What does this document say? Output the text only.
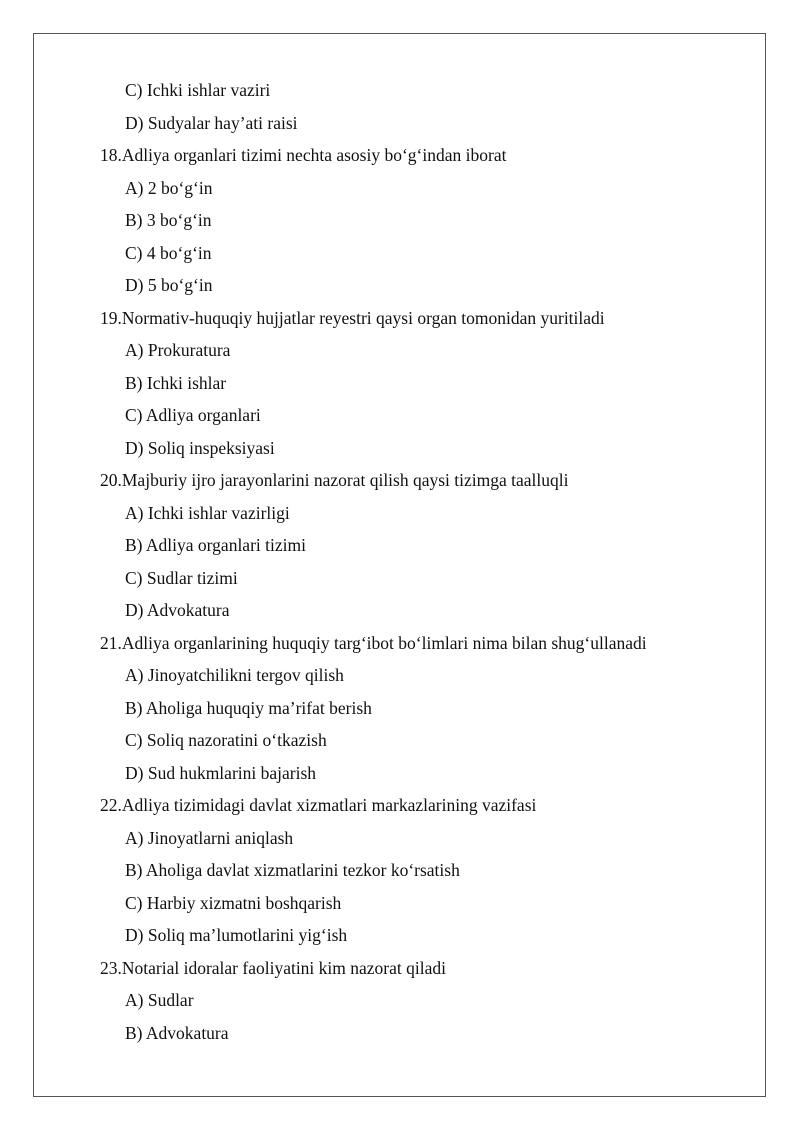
C) Ichki ishlar vaziri
D) Sudyalar hay’ati raisi
18.Adliya organlari tizimi nechta asosiy bo‘g‘indan iborat
A) 2 bo‘g‘in
B) 3 bo‘g‘in
C) 4 bo‘g‘in
D) 5 bo‘g‘in
19.Normativ-huquqiy hujjatlar reyestri qaysi organ tomonidan yuritiladi
A) Prokuratura
B) Ichki ishlar
C) Adliya organlari
D) Soliq inspeksiyasi
20.Majburiy ijro jarayonlarini nazorat qilish qaysi tizimga taalluqli
A) Ichki ishlar vazirligi
B) Adliya organlari tizimi
C) Sudlar tizimi
D) Advokatura
21.Adliya organlarining huquqiy targ‘ibot bo‘limlari nima bilan shug‘ullanadi
A) Jinoyatchilikni tergov qilish
B) Aholiga huquqiy ma’rifat berish
C) Soliq nazoratini o‘tkazish
D) Sud hukmlarini bajarish
22.Adliya tizimidagi davlat xizmatlari markazlarining vazifasi
A) Jinoyatlarni aniqlash
B) Aholiga davlat xizmatlarini tezkor ko‘rsatish
C) Harbiy xizmatni boshqarish
D) Soliq ma’lumotlarini yig‘ish
23.Notarial idoralar faoliyatini kim nazorat qiladi
A) Sudlar
B) Advokatura
